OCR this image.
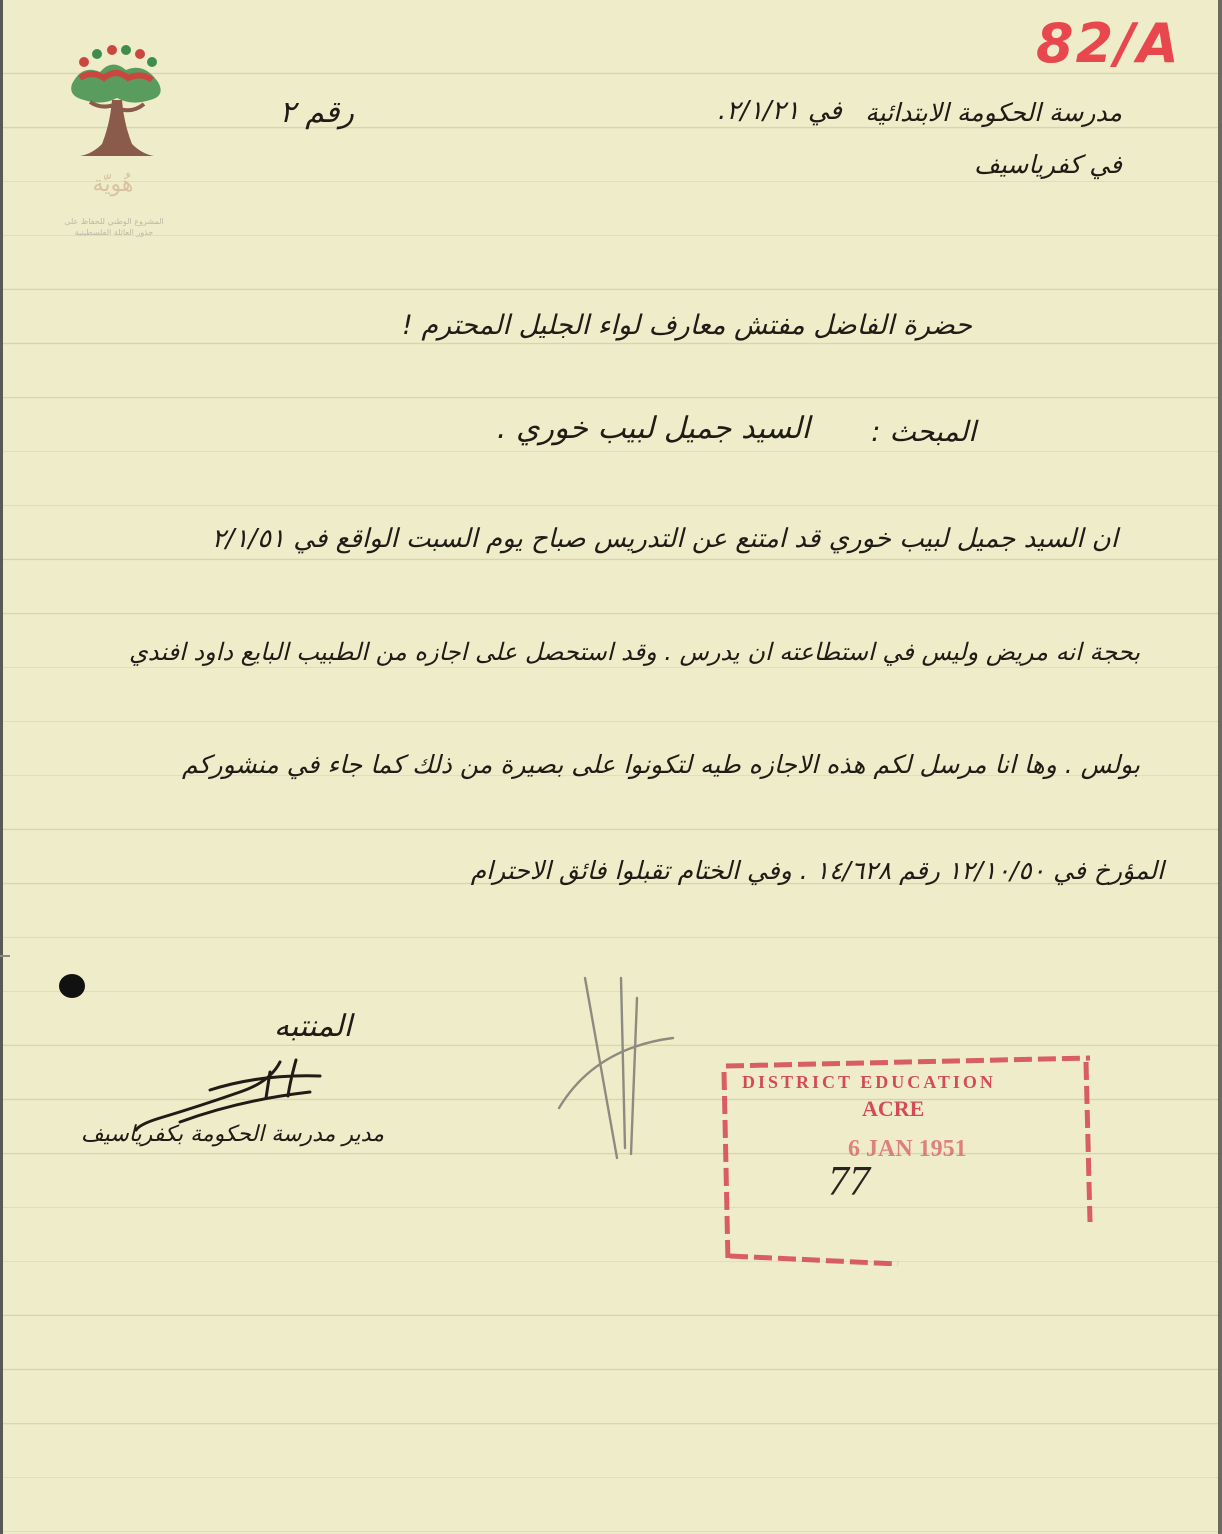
هُويّة
المشروع الوطني للحفاظ على جذور العائلة الفلسطينية
82/A
مدرسة الحكومة الابتدائية
في كفرياسيف
في ٢/١/٢١.
رقم ٢
حضرة الفاضل مفتش معارف لواء الجليل المحترم !
المبحث :
السيد جميل لبيب خوري .
ان السيد جميل لبيب خوري قد امتنع عن التدريس صباح يوم السبت الواقع في ٢/١/٥١
بحجة انه مريض وليس في استطاعته ان يدرس . وقد استحصل على اجازه من الطبيب البايع داود افندي
بولس . وها انا مرسل لكم هذه الاجازه طيه لتكونوا على بصيرة من ذلك كما جاء في منشوركم
المؤرخ في ١٢/١٠/٥٠ رقم ١٤/٦٢٨ . وفي الختام تقبلوا فائق الاحترام
المنتبه
مدير مدرسة الحكومة بكفرياسيف
DISTRICT EDUCATION
ACRE
6 JAN 1951
77
